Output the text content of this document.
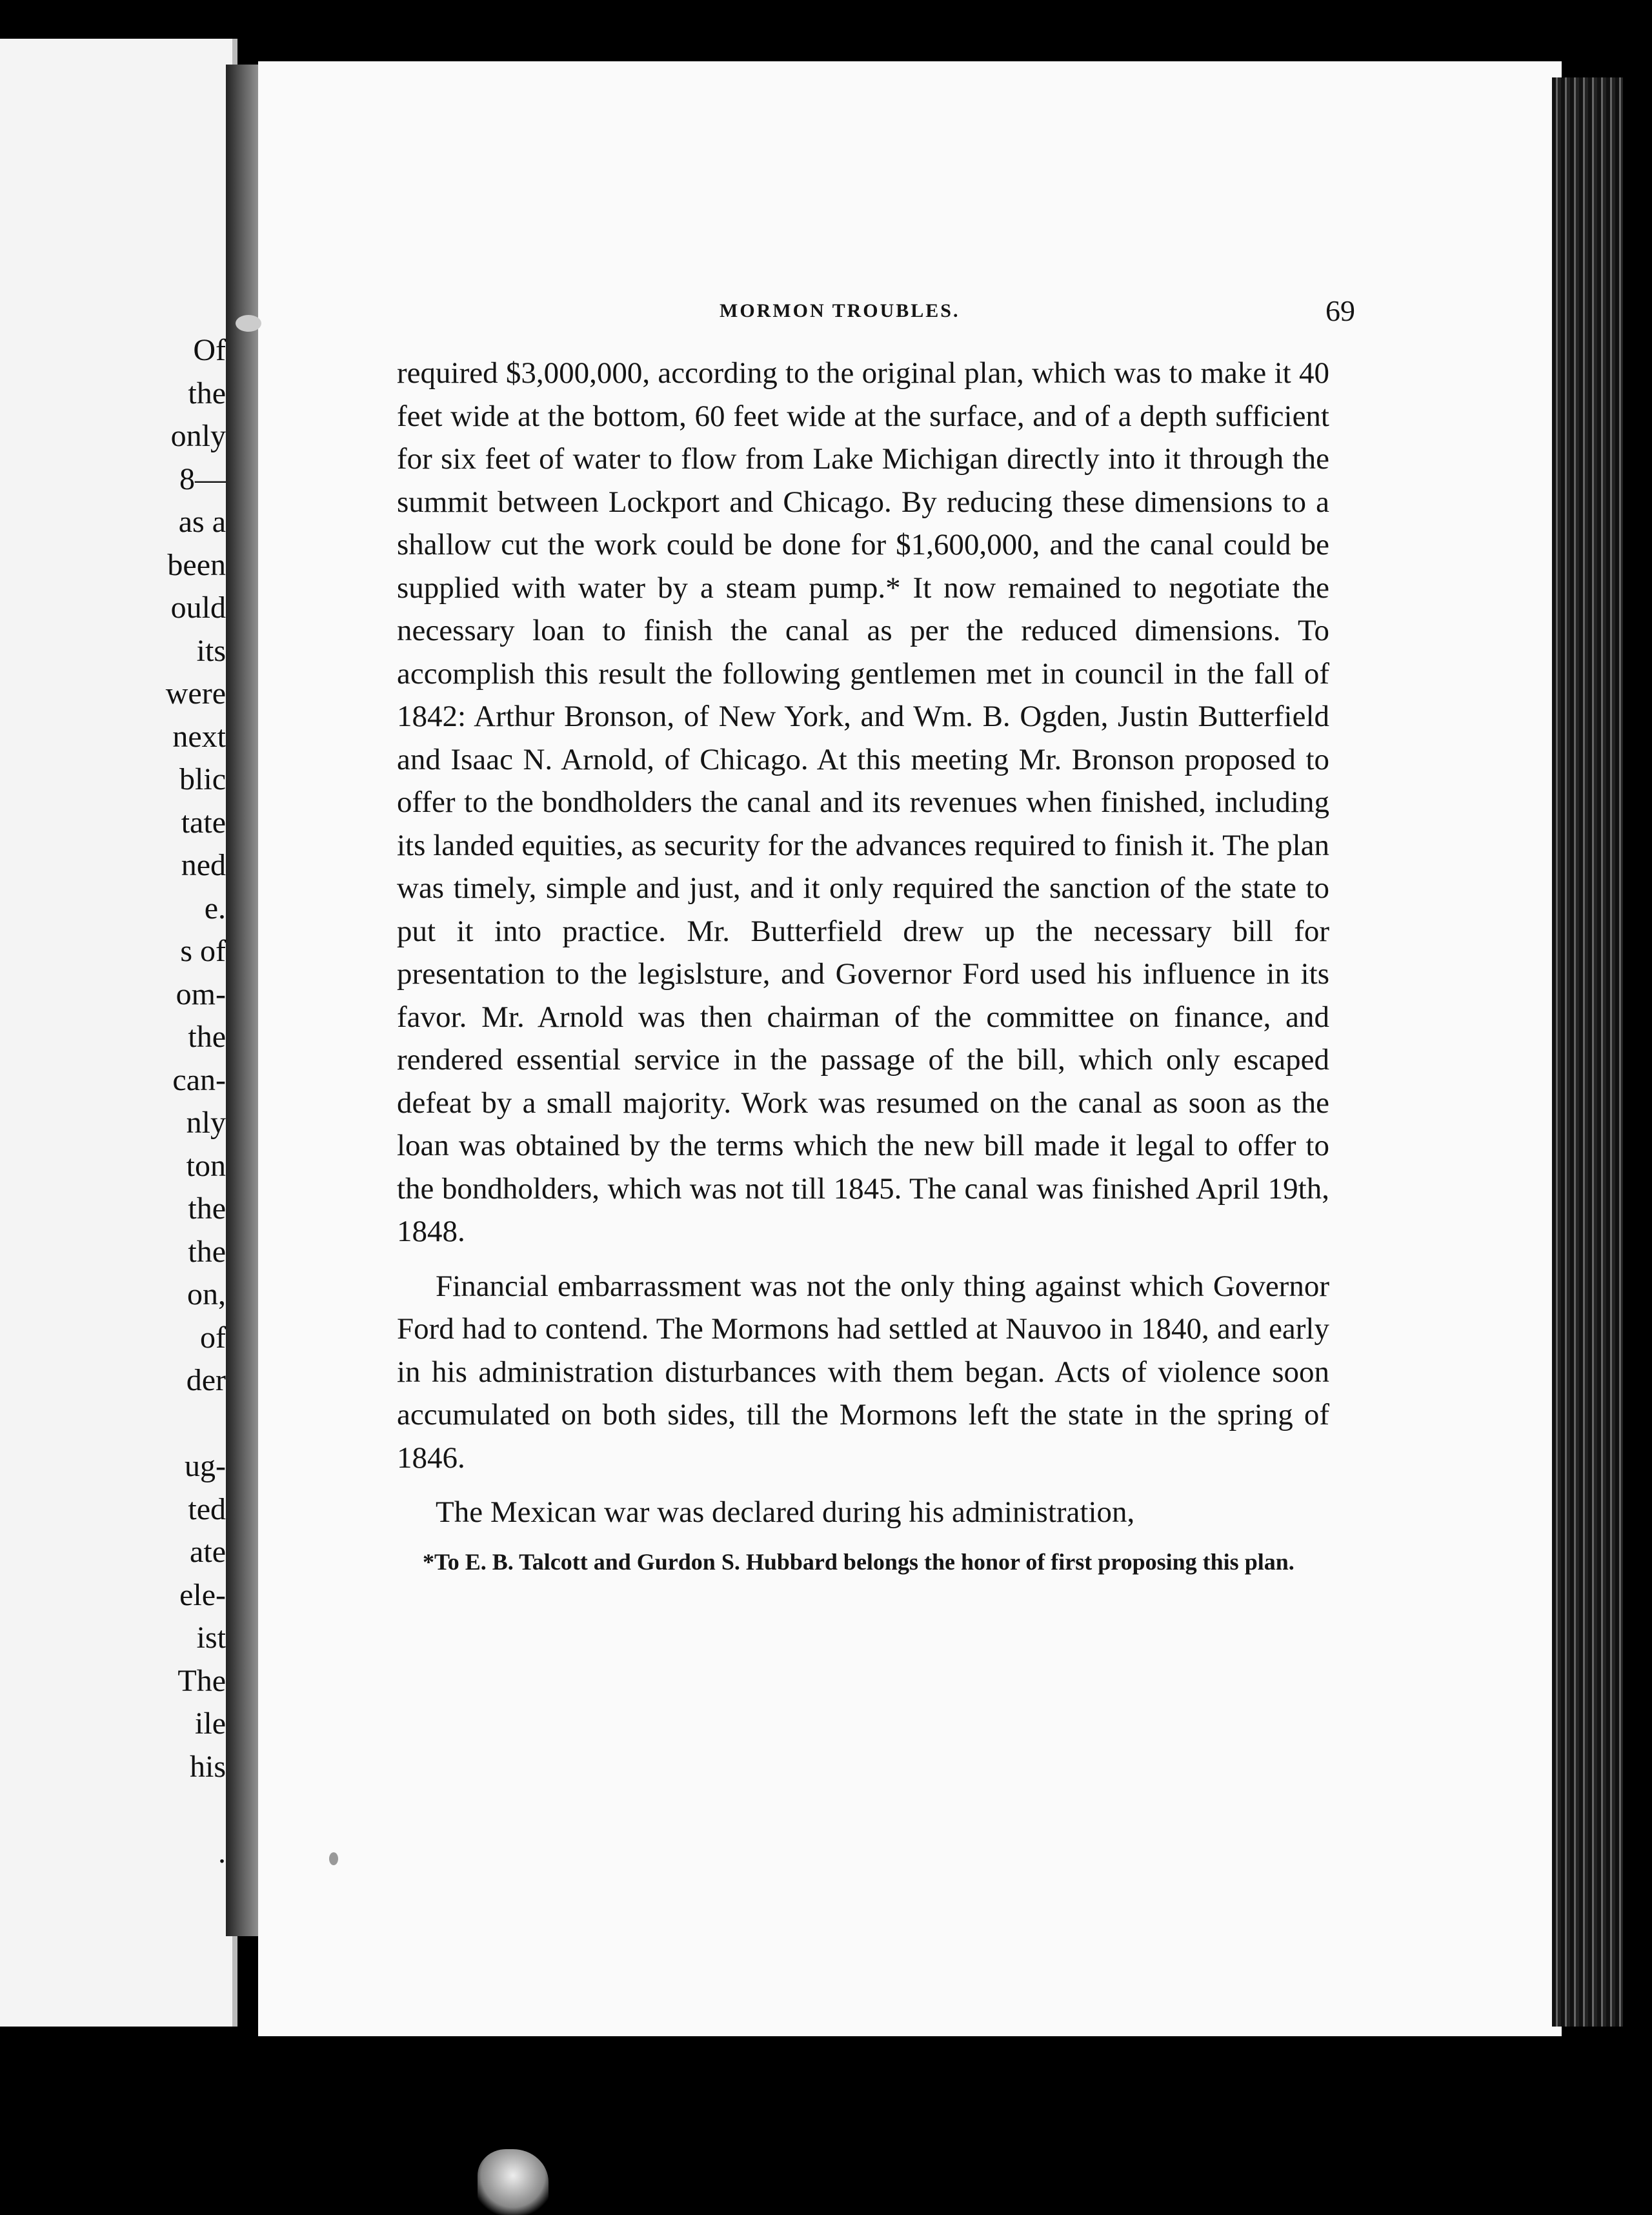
Of
the
only
8—
as a
been
ould
its
were
next
blic
tate
ned
e.
s of
om-
the
can-
nly
ton
the
the
on,
of
der
ug-
ted
ate
ele-
ist
The
ile
his
.
MORMON TROUBLES.	69

required $3,000,000, according to the original plan, which was to make it 40 feet wide at the bottom, 60 feet wide at the surface, and of a depth sufficient for six feet of water to flow from Lake Michigan directly into it through the summit between Lockport and Chicago. By reducing these dimensions to a shallow cut the work could be done for $1,600,000, and the canal could be supplied with water by a steam pump.* It now remained to negotiate the necessary loan to finish the canal as per the reduced dimensions. To accomplish this result the following gentlemen met in council in the fall of 1842: Arthur Bronson, of New York, and Wm. B. Ogden, Justin Butterfield and Isaac N. Arnold, of Chicago. At this meeting Mr. Bronson proposed to offer to the bondholders the canal and its revenues when finished, including its landed equities, as security for the advances required to finish it. The plan was timely, simple and just, and it only required the sanction of the state to put it into practice. Mr. Butterfield drew up the necessary bill for presentation to the legislsture, and Governor Ford used his influence in its favor. Mr. Arnold was then chairman of the committee on finance, and rendered essential service in the passage of the bill, which only escaped defeat by a small majority. Work was resumed on the canal as soon as the loan was obtained by the terms which the new bill made it legal to offer to the bondholders, which was not till 1845. The canal was finished April 19th, 1848.

Financial embarrassment was not the only thing against which Governor Ford had to contend. The Mormons had settled at Nauvoo in 1840, and early in his administration disturbances with them began. Acts of violence soon accumulated on both sides, till the Mormons left the state in the spring of 1846.

The Mexican war was declared during his administration,

*To E. B. Talcott and Gurdon S. Hubbard belongs the honor of first proposing this plan.
